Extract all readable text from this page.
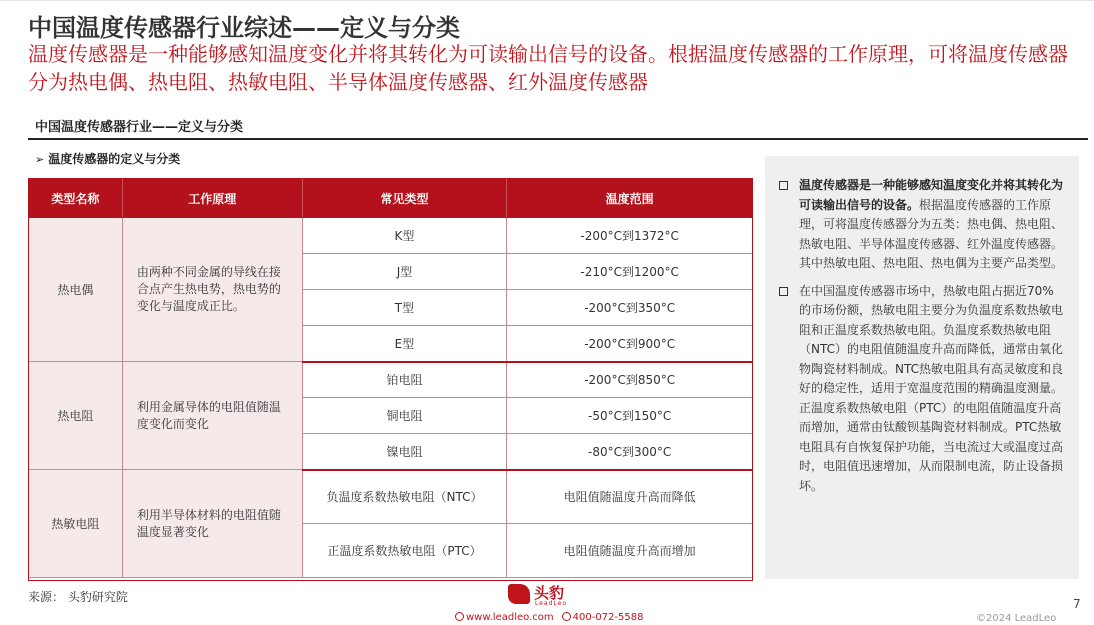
中国温度传感器行业综述——定义与分类
温度传感器是一种能够感知温度变化并将其转化为可读输出信号的设备。根据温度传感器的工作原理，可将温度传感器分为热电偶、热电阻、热敏电阻、半导体温度传感器、红外温度传感器
中国温度传感器行业——定义与分类
➢ 温度传感器的定义与分类
类型名称	工作原理	常见类型	温度范围
热电偶	由两种不同金属的导线在接合点产生热电势，热电势的变化与温度成正比。	K型	-200°C到1372°C
		J型	-210°C到1200°C
		T型	-200°C到350°C
		E型	-200°C到900°C
热电阻	利用金属导体的电阻值随温度变化而变化	铂电阻	-200°C到850°C
		铜电阻	-50°C到150°C
		镍电阻	-80°C到300°C
热敏电阻	利用半导体材料的电阻值随温度显著变化	负温度系数热敏电阻（NTC）	电阻值随温度升高而降低
		正温度系数热敏电阻（PTC）	电阻值随温度升高而增加
温度传感器是一种能够感知温度变化并将其转化为可读输出信号的设备。根据温度传感器的工作原理，可将温度传感器分为五类：热电偶、热电阻、热敏电阻、半导体温度传感器、红外温度传感器。其中热敏电阻、热电阻、热电偶为主要产品类型。
在中国温度传感器市场中，热敏电阻占据近70%的市场份额，热敏电阻主要分为负温度系数热敏电阻和正温度系数热敏电阻。负温度系数热敏电阻（NTC）的电阻值随温度升高而降低，通常由氧化物陶瓷材料制成。NTC热敏电阻具有高灵敏度和良好的稳定性，适用于宽温度范围的精确温度测量。正温度系数热敏电阻（PTC）的电阻值随温度升高而增加，通常由钛酸钡基陶瓷材料制成。PTC热敏电阻具有自恢复保护功能，当电流过大或温度过高时，电阻值迅速增加，从而限制电流，防止设备损坏。
来源： 头豹研究院	头豹
LeadLeo
www.leadleo.com 400-072-5588
7
©2024 LeadLeo
